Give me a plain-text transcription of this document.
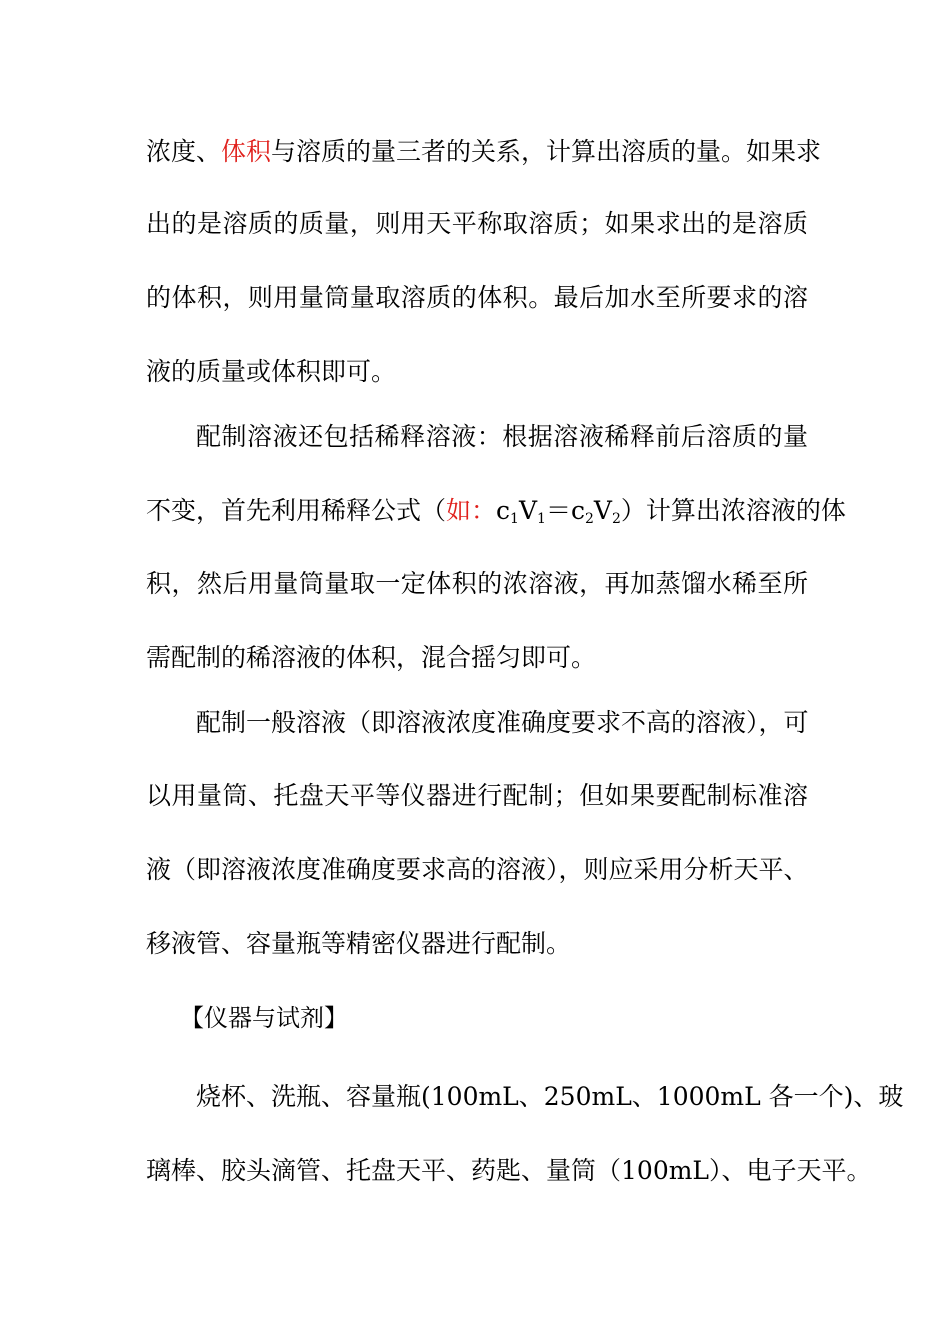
浓度、体积与溶质的量三者的关系，计算出溶质的量。如果求
出的是溶质的质量，则用天平称取溶质；如果求出的是溶质
的体积，则用量筒量取溶质的体积。最后加水至所要求的溶
液的质量或体积即可。
配制溶液还包括稀释溶液：根据溶液稀释前后溶质的量
不变，首先利用稀释公式（如：$c_1V_1=c_2V_2$）计算出浓溶液的体
积，然后用量筒量取一定体积的浓溶液，再加蒸馏水稀至所
需配制的稀溶液的体积，混合摇匀即可。
配制一般溶液（即溶液浓度准确度要求不高的溶液），可
以用量筒、托盘天平等仪器进行配制；但如果要配制标准溶
液（即溶液浓度准确度要求高的溶液），则应采用分析天平、
移液管、容量瓶等精密仪器进行配制。
【仪器与试剂】
烧杯、洗瓶、容量瓶(100mL、250mL、1000mL 各一个)、玻
璃棒、胶头滴管、托盘天平、药匙、量筒（100mL）、电子天平。
